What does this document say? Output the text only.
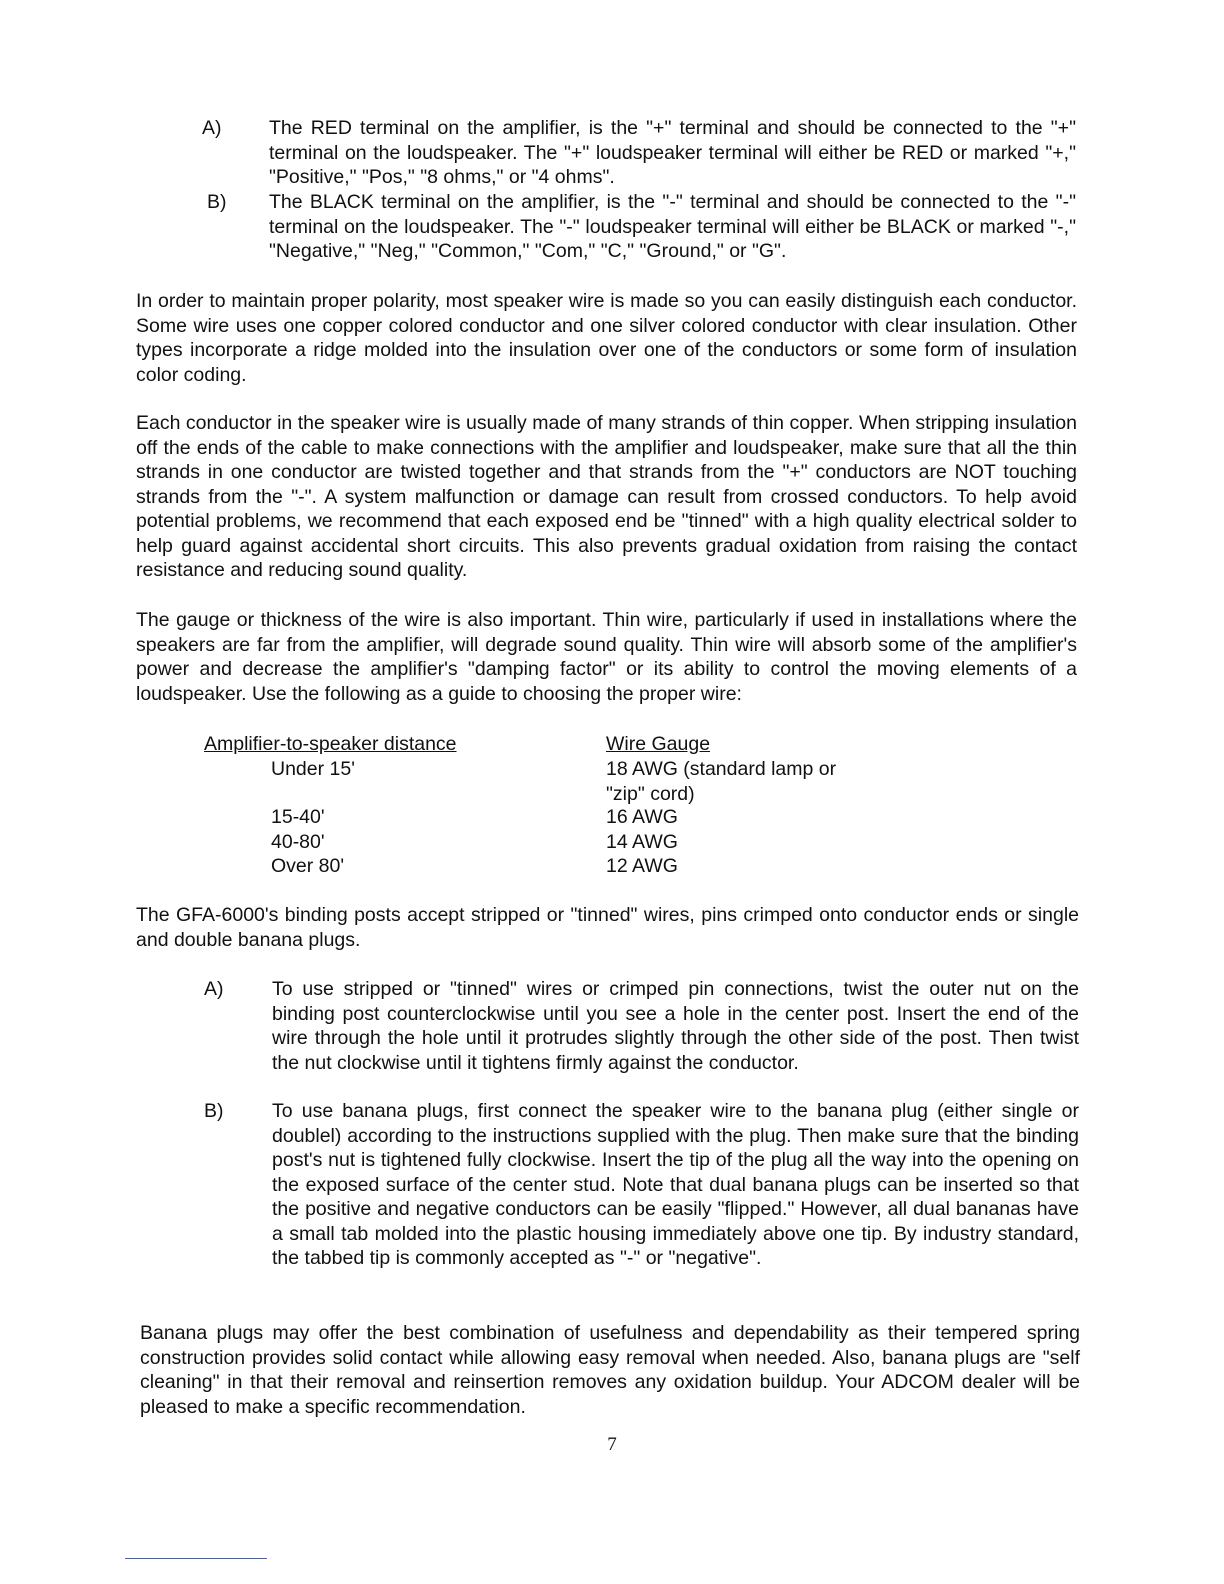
A) The RED terminal on the amplifier, is the "+" terminal and should be connected to the "+" terminal on the loudspeaker. The "+" loudspeaker terminal will either be RED or marked "+," "Positive," "Pos," "8 ohms," or "4 ohms".
B) The BLACK terminal on the amplifier, is the "-" terminal and should be connected to the "-" terminal on the loudspeaker. The "-" loudspeaker terminal will either be BLACK or marked "-," "Negative," "Neg," "Common," "Com," "C," "Ground," or "G".
In order to maintain proper polarity, most speaker wire is made so you can easily distinguish each conductor. Some wire uses one copper colored conductor and one silver colored conductor with clear insulation. Other types incorporate a ridge molded into the insulation over one of the conductors or some form of insulation color coding.
Each conductor in the speaker wire is usually made of many strands of thin copper. When stripping insulation off the ends of the cable to make connections with the amplifier and loudspeaker, make sure that all the thin strands in one conductor are twisted together and that strands from the "+" conductors are NOT touching strands from the "-". A system malfunction or damage can result from crossed conductors. To help avoid potential problems, we recommend that each exposed end be "tinned" with a high quality electrical solder to help guard against accidental short circuits. This also prevents gradual oxidation from raising the contact resistance and reducing sound quality.
The gauge or thickness of the wire is also important. Thin wire, particularly if used in installations where the speakers are far from the amplifier, will degrade sound quality. Thin wire will absorb some of the amplifier's power and decrease the amplifier's "damping factor" or its ability to control the moving elements of a loudspeaker. Use the following as a guide to choosing the proper wire:
Amplifier-to-speaker distance	Wire Gauge
Under 15'	18 AWG (standard lamp or "zip" cord)
15-40'	16 AWG
40-80'	14 AWG
Over 80'	12 AWG
The GFA-6000's binding posts accept stripped or "tinned" wires, pins crimped onto conductor ends or single and double banana plugs.
A) To use stripped or "tinned" wires or crimped pin connections, twist the outer nut on the binding post counterclockwise until you see a hole in the center post. Insert the end of the wire through the hole until it protrudes slightly through the other side of the post. Then twist the nut clockwise until it tightens firmly against the conductor.
B) To use banana plugs, first connect the speaker wire to the banana plug (either single or doublel) according to the instructions supplied with the plug. Then make sure that the binding post's nut is tightened fully clockwise. Insert the tip of the plug all the way into the opening on the exposed surface of the center stud. Note that dual banana plugs can be inserted so that the positive and negative conductors can be easily "flipped." However, all dual bananas have a small tab molded into the plastic housing immediately above one tip. By industry standard, the tabbed tip is commonly accepted as "-" or "negative".
Banana plugs may offer the best combination of usefulness and dependability as their tempered spring construction provides solid contact while allowing easy removal when needed. Also, banana plugs are "self cleaning" in that their removal and reinsertion removes any oxidation buildup. Your ADCOM dealer will be pleased to make a specific recommendation.
7
